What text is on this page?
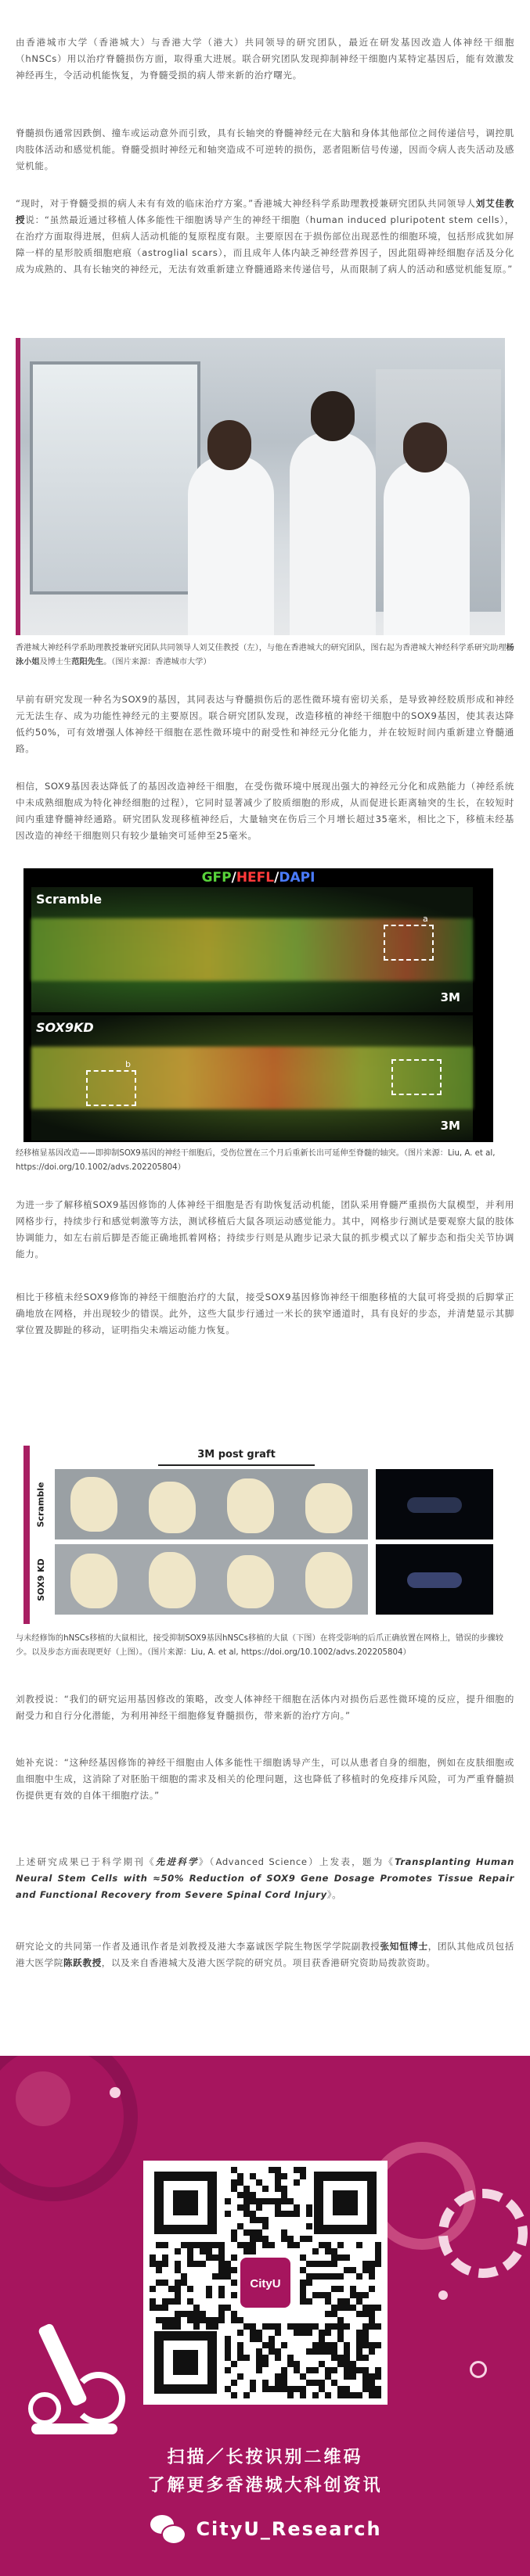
由香港城市大学（香港城大）与香港大学（港大）共同领导的研究团队，最近在研发基因改造人体神经干细胞（hNSCs）用以治疗脊髓损伤方面，取得重大进展。联合研究团队发现抑制神经干细胞内某特定基因后，能有效激发神经再生，令活动机能恢复，为脊髓受损的病人带来新的治疗曙光。

脊髓损伤通常因跌倒、撞车或运动意外而引致，具有长轴突的脊髓神经元在大脑和身体其他部位之间传递信号，调控肌肉肢体活动和感觉机能。脊髓受损时神经元和轴突造成不可逆转的损伤，恶者阻断信号传递，因而令病人丧失活动及感觉机能。

“现时，对于脊髓受损的病人未有有效的临床治疗方案。”香港城大神经科学系助理教授兼研究团队共同领导人刘艾佳教授说：“虽然最近通过移植人体多能性干细胞诱导产生的神经干细胞（human induced pluripotent stem cells），在治疗方面取得进展，但病人活动机能的复原程度有限。主要原因在于损伤部位出现恶性的细胞环境，包括形成犹如屏障一样的星形胶质细胞疤痕（astroglial scars），而且成年人体内缺乏神经营养因子，因此阻碍神经细胞存活及分化成为成熟的、具有长轴突的神经元，无法有效重新建立脊髓通路来传递信号，从而限制了病人的活动和感觉机能复原。”

香港城大神经科学系助理教授兼研究团队共同领导人刘艾佳教授（左），与他在香港城大的研究团队，图右起为香港城大神经科学系研究助理杨泳小姐及博士生范阳先生。（图片来源：香港城市大学）

早前有研究发现一种名为SOX9的基因，其同表达与脊髓损伤后的恶性微环境有密切关系，是导致神经胶质形成和神经元无法生存、成为功能性神经元的主要原因。联合研究团队发现，改造移植的神经干细胞中的SOX9基因，使其表达降低约50%，可有效增强人体神经干细胞在恶性微环境中的耐受性和神经元分化能力，并在较短时间内重新建立脊髓通路。

相信，SOX9基因表达降低了的基因改造神经干细胞，在受伤微环境中展现出强大的神经元分化和成熟能力（神经系统中未成熟细胞成为特化神经细胞的过程），它同时显著减少了胶质细胞的形成，从而促进长距离轴突的生长，在较短时间内重建脊髓神经通路。研究团队发现移植神经后，大量轴突在伤后三个月增长超过35毫米，相比之下，移植未经基因改造的神经干细胞则只有较少量轴突可延伸至25毫米。

GFP/HEFL/DAPI
Scramble
a
3M
SOX9KD
b
3M

经移植显基因改造——即抑制SOX9基因的神经干细胞后，受伤位置在三个月后重新长出可延伸至脊髓的轴突。（图片来源：Liu, A. et al, https://doi.org/10.1002/advs.202205804）

为进一步了解移植SOX9基因修饰的人体神经干细胞是否有助恢复活动机能，团队采用脊髓严重损伤大鼠模型，并利用网格步行，持续步行和感觉刺激等方法，测试移植后大鼠各项运动感觉能力。其中，网格步行测试是要观察大鼠的肢体协调能力，如左右前后脚是否能正确地抓着网格；持续步行则是从跑步记录大鼠的抓步模式以了解步态和指尖关节协调能力。

相比于移植未经SOX9修饰的神经干细胞治疗的大鼠，接受SOX9基因修饰神经干细胞移植的大鼠可将受损的后脚掌正确地放在网格，并出现较少的错误。此外，这些大鼠步行通过一米长的狭窄通道时，具有良好的步态，并清楚显示其脚掌位置及脚趾的移动，证明指尖未端运动能力恢复。

3M post graft
Scramble
SOX9 KD

与未经修饰的hNSCs移植的大鼠相比，接受抑制SOX9基因hNSCs移植的大鼠（下图）在将受影响的后爪正确放置在网格上，错误的步骤较少。以及步态方面表现更好（上图）。（图片来源：Liu, A. et al, https://doi.org/10.1002/advs.202205804）

刘教授说：“我们的研究运用基因修改的策略，改变人体神经干细胞在活体内对损伤后恶性微环境的反应，提升细胞的耐受力和自行分化潜能，为利用神经干细胞修复脊髓损伤，带来新的治疗方向。”

她补充说：“这种经基因修饰的神经干细胞由人体多能性干细胞诱导产生，可以从患者自身的细胞，例如在皮肤细胞或血细胞中生成，这消除了对胚胎干细胞的需求及相关的伦理问题，这也降低了移植时的免疫排斥风险，可为严重脊髓损伤提供更有效的自体干细胞疗法。”

上述研究成果已于科学期刊《先进科学》（Advanced Science）上发表，题为《Transplanting Human Neural Stem Cells with ≈50% Reduction of SOX9 Gene Dosage Promotes Tissue Repair and Functional Recovery from Severe Spinal Cord Injury》。

研究论文的共同第一作者及通讯作者是刘教授及港大李嘉诚医学院生物医学学院副教授张知恒博士，团队其他成员包括港大医学院陈跃教授，以及来自香港城大及港大医学院的研究员。项目获香港研究资助局拨款资助。

CityU
扫描／长按识别二维码
了解更多香港城大科创资讯
CityU_Research
